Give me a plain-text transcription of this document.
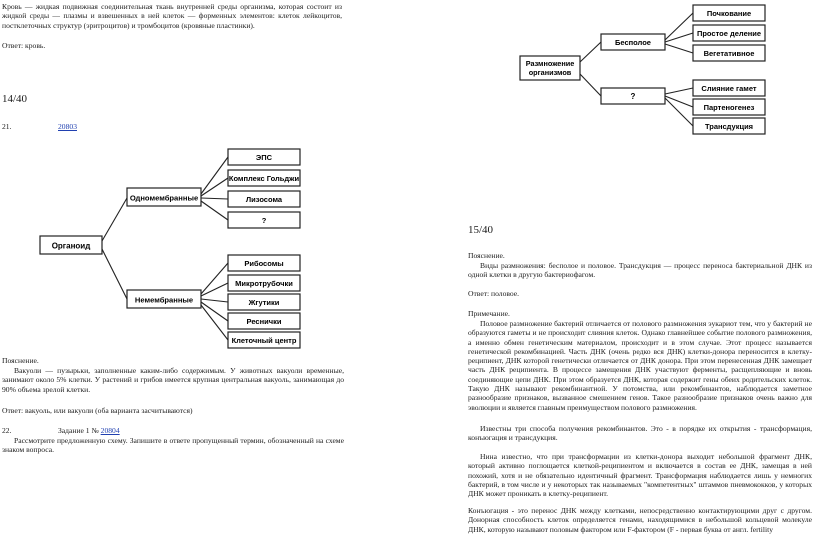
Кровь — жидкая подвижная соединительная ткань внутренней среды организма, которая состоит из жидкой среды — плазмы и взвешенных в ней клеток — форменных элементов: клеток лейкоцитов, постклеточных структур (эритроцитов) и тромбоцитов (кровяные пластинки).

Ответ: кровь.

14/40

21.	20803

Органоид
Одномембранные
Немембранные
ЭПС
Комплекс Гольджи
Лизосома
?
Рибосомы
Микротрубочки
Жгутики
Реснички
Клеточный центр

Пояснение.

Вакуоли — пузырьки, заполненные каким-либо содержимым. У животных вакуоли временные, занимают около 5% клетки. У растений и грибов имеется крупная центральная вакуоль, занимающая до 90% объема зрелой клетки.

Ответ: вакуоль, или вакуоли (оба варианта засчитываются)

22.	Задание 1 № 20804

Рассмотрите предложенную схему. Запишите в ответе пропущенный термин, обозначенный на схеме знаком вопроса.

Размножение
организмов
Бесполое
?
Почкование
Простое деление
Вегетативное
Слияние гамет
Партеногенез
Трансдукция
15/40

Пояснение.

Виды размножения: бесполое и половое. Трансдукция — процесс переноса бактериальной ДНК из одной клетки в другую бактериофагом.

Ответ: половое.

Примечание.

Половое размножение бактерий отличается от полового размножения эукариот тем, что у бактерий не образуются гаметы и не происходит слияния клеток. Однако главнейшее событие полового размножения, а именно обмен генетическим материалом, происходит и в этом случае. Этот процесс называется генетической рекомбинацией. Часть ДНК (очень редко вся ДНК) клетки-донора переносится в клетку-реципиент, ДНК которой генетически отличается от ДНК донора. При этом перенесенная ДНК замещает часть ДНК реципиента. В процессе замещения ДНК участвуют ферменты, расщепляющие и вновь соединяющие цепи ДНК. При этом образуется ДНК, которая содержит гены обеих родительских клеток. Такую ДНК называют рекомбинантной. У потомства, или рекомбинантов, наблюдается заметное разнообразие признаков, вызванное смешением генов. Такое разнообразие признаков очень важно для эволюции и является главным преимуществом полового размножения.

Известны три способа получения рекомбинантов. Это - в порядке их открытия - трансформация, конъюгация и трансдукция.

Нина известно, что при трансформации из клетки-донора выходит небольшой фрагмент ДНК, который активно поглощается клеткой-реципиентом и включается в состав ее ДНК, замещая в ней похожий, хотя и не обязательно идентичный фрагмент. Трансформация наблюдается лишь у немногих бактерий, в том числе и у некоторых так называемых "компетентных" штаммов пневмококков, у которых ДНК может проникать в клетку-реципиент.

Конъюгация - это перенос ДНК между клетками, непосредственно контактирующими друг с другом. Донорная способность клеток определяется генами, находящимися в небольшой кольцевой молекуле ДНК, которую называют половым фактором или F-фактором (F - первая буква от англ. fertility
